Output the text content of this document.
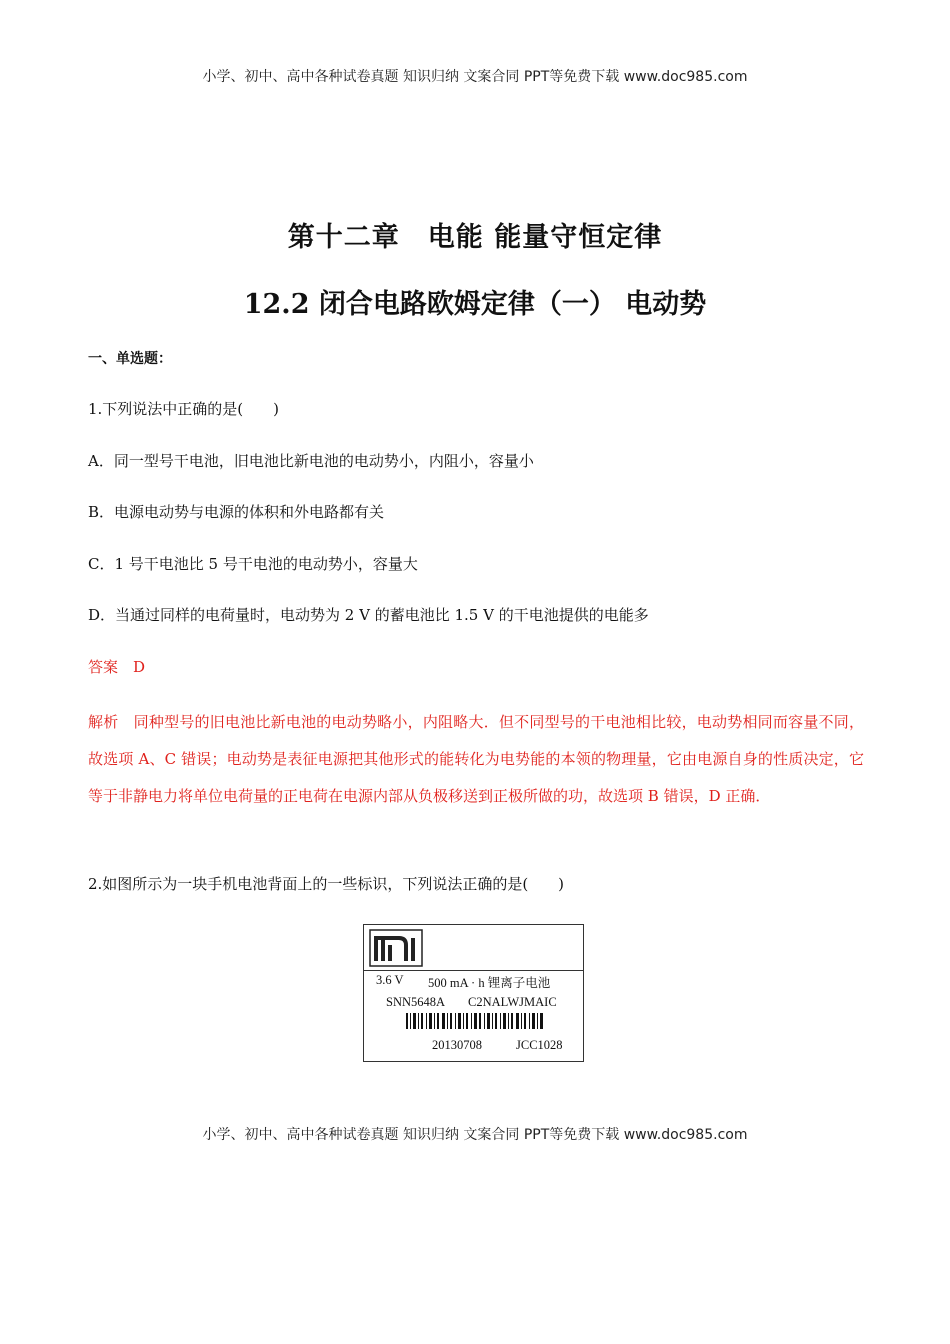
小学、初中、高中各种试卷真题 知识归纳 文案合同 PPT等免费下载 www.doc985.com
第十二章　电能 能量守恒定律
12.2 闭合电路欧姆定律（一） 电动势
一、单选题：
1.下列说法中正确的是(　　)
A．同一型号干电池，旧电池比新电池的电动势小，内阻小，容量小
B．电源电动势与电源的体积和外电路都有关
C．1 号干电池比 5 号干电池的电动势小，容量大
D．当通过同样的电荷量时，电动势为 2 V 的蓄电池比 1.5 V 的干电池提供的电能多
答案　D
解析　同种型号的旧电池比新电池的电动势略小，内阻略大．但不同型号的干电池相比较，电动势相同而容量不同，故选项 A、C 错误；电动势是表征电源把其他形式的能转化为电势能的本领的物理量，它由电源自身的性质决定，它等于非静电力将单位电荷量的正电荷在电源内部从负极移送到正极所做的功，故选项 B 错误，D 正确．
2.如图所示为一块手机电池背面上的一些标识，下列说法正确的是(　　)
3.6 V 500 mA · h 锂离子电池
SNN5648A C2NALWJMAIC
20130708	JCC1028
小学、初中、高中各种试卷真题 知识归纳 文案合同 PPT等免费下载 www.doc985.com
